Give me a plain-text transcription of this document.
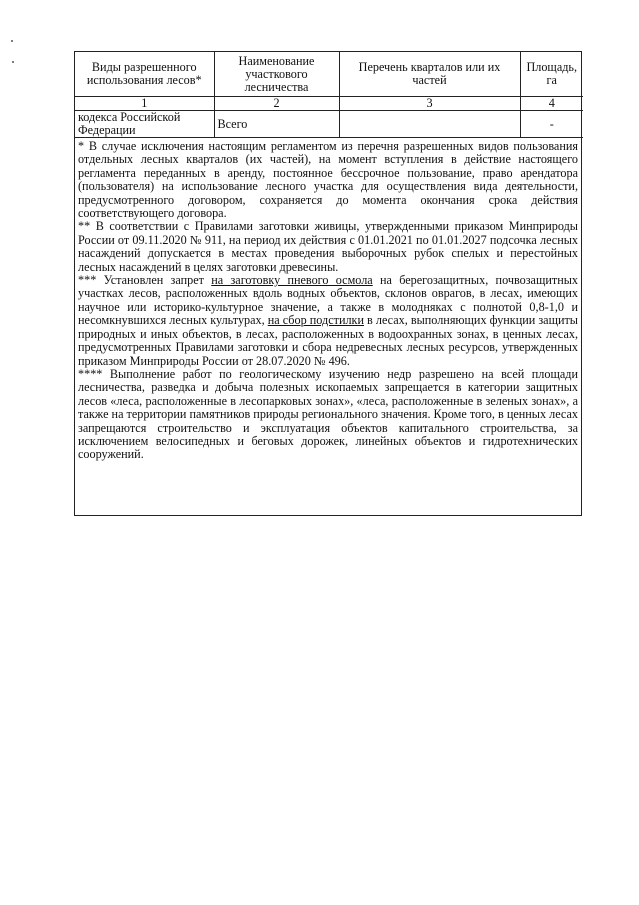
Виды разрешенного использования лесов*	Наименование участкового лесничества	Перечень кварталов или их частей	Площадь, га
1	2	3	4
кодекса Российской Федерации	Всего		-

* В случае исключения настоящим регламентом из перечня разрешенных видов пользования отдельных лесных кварталов (их частей), на момент вступления в действие настоящего регламента переданных в аренду, постоянное бессрочное пользование, право арендатора (пользователя) на использование лесного участка для осуществления вида деятельности, предусмотренного договором, сохраняется до момента окончания срока действия соответствующего договора.

** В соответствии с Правилами заготовки живицы, утвержденными приказом Минприроды России от 09.11.2020 № 911, на период их действия с 01.01.2021 по 01.01.2027 подсочка лесных насаждений допускается в местах проведения выборочных рубок спелых и перестойных лесных насаждений в целях заготовки древесины.

*** Установлен запрет на заготовку пневого осмола на берегозащитных, почвозащитных участках лесов, расположенных вдоль водных объектов, склонов оврагов, в лесах, имеющих научное или историко-культурное значение, а также в молодняках с полнотой 0,8-1,0 и несомкнувшихся лесных культурах, на сбор подстилки в лесах, выполняющих функции защиты природных и иных объектов, в лесах, расположенных в водоохранных зонах, в ценных лесах, предусмотренных Правилами заготовки и сбора недревесных лесных ресурсов, утвержденных приказом Минприроды России от 28.07.2020 № 496.

**** Выполнение работ по геологическому изучению недр разрешено на всей площади лесничества, разведка и добыча полезных ископаемых запрещается в категории защитных лесов «леса, расположенные в лесопарковых зонах», «леса, расположенные в зеленых зонах», а также на территории памятников природы регионального значения. Кроме того, в ценных лесах запрещаются строительство и эксплуатация объектов капитального строительства, за исключением велосипедных и беговых дорожек, линейных объектов и гидротехнических сооружений.
